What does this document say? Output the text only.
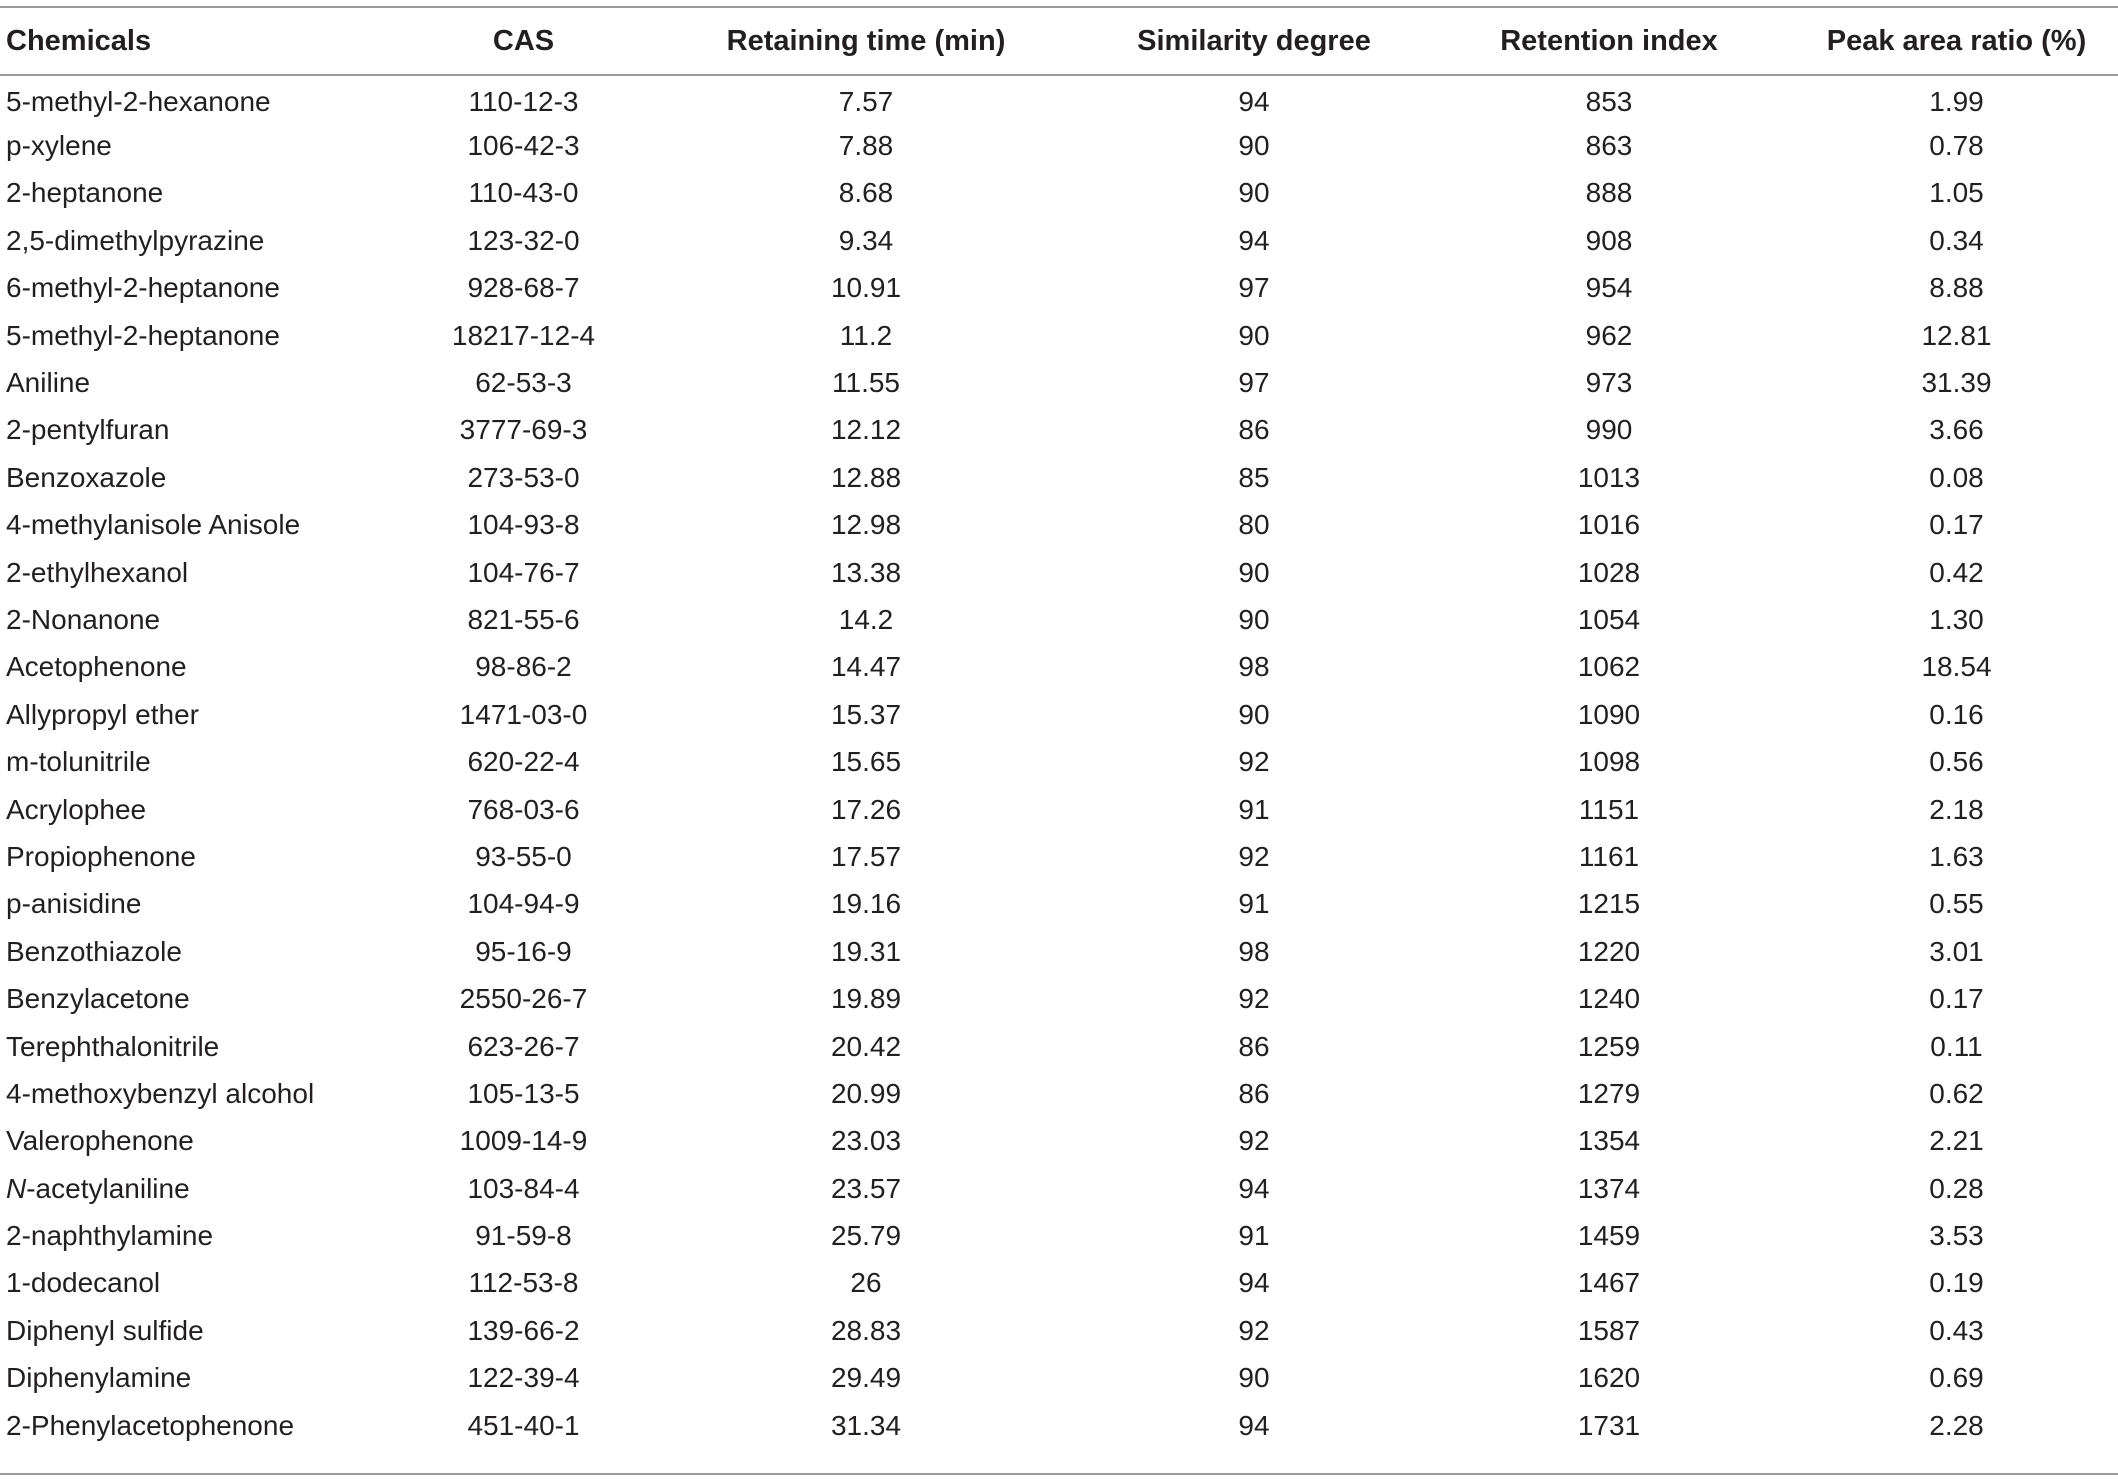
Chemicals	CAS	Retaining time (min)	Similarity degree	Retention index	Peak area ratio (%)
5-methyl-2-hexanone	110-12-3	7.57	94	853	1.99
p-xylene	106-42-3	7.88	90	863	0.78
2-heptanone	110-43-0	8.68	90	888	1.05
2,5-dimethylpyrazine	123-32-0	9.34	94	908	0.34
6-methyl-2-heptanone	928-68-7	10.91	97	954	8.88
5-methyl-2-heptanone	18217-12-4	11.2	90	962	12.81
Aniline	62-53-3	11.55	97	973	31.39
2-pentylfuran	3777-69-3	12.12	86	990	3.66
Benzoxazole	273-53-0	12.88	85	1013	0.08
4-methylanisole Anisole	104-93-8	12.98	80	1016	0.17
2-ethylhexanol	104-76-7	13.38	90	1028	0.42
2-Nonanone	821-55-6	14.2	90	1054	1.30
Acetophenone	98-86-2	14.47	98	1062	18.54
Allypropyl ether	1471-03-0	15.37	90	1090	0.16
m-tolunitrile	620-22-4	15.65	92	1098	0.56
Acrylophee	768-03-6	17.26	91	1151	2.18
Propiophenone	93-55-0	17.57	92	1161	1.63
p-anisidine	104-94-9	19.16	91	1215	0.55
Benzothiazole	95-16-9	19.31	98	1220	3.01
Benzylacetone	2550-26-7	19.89	92	1240	0.17
Terephthalonitrile	623-26-7	20.42	86	1259	0.11
4-methoxybenzyl alcohol	105-13-5	20.99	86	1279	0.62
Valerophenone	1009-14-9	23.03	92	1354	2.21
N-acetylaniline	103-84-4	23.57	94	1374	0.28
2-naphthylamine	91-59-8	25.79	91	1459	3.53
1-dodecanol	112-53-8	26	94	1467	0.19
Diphenyl sulfide	139-66-2	28.83	92	1587	0.43
Diphenylamine	122-39-4	29.49	90	1620	0.69
2-Phenylacetophenone	451-40-1	31.34	94	1731	2.28
